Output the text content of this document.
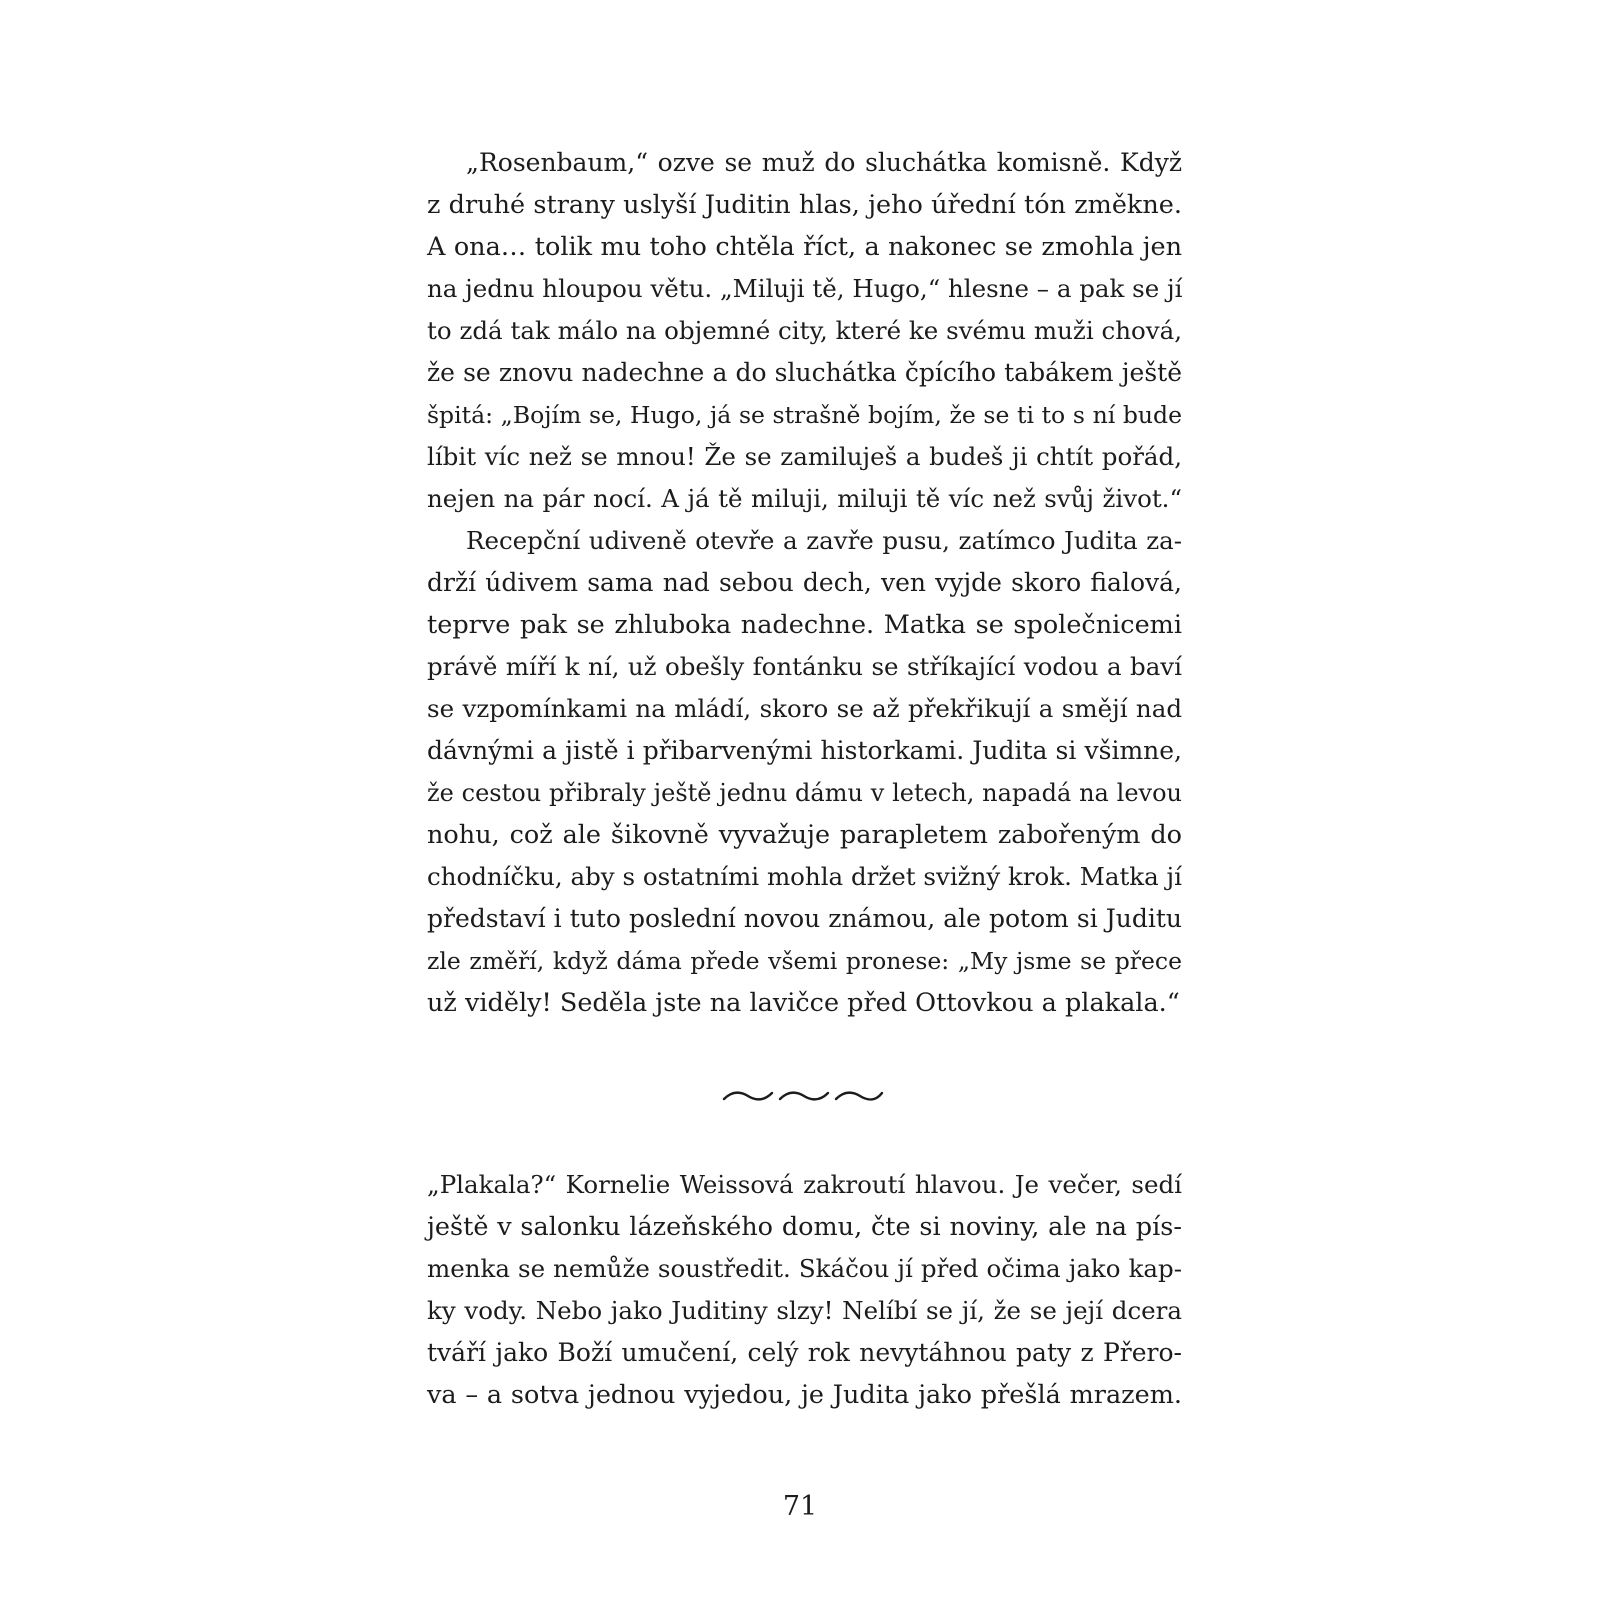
„Rosenbaum,“ ozve se muž do sluchátka komisně. Když
z druhé strany uslyší Juditin hlas, jeho úřední tón změkne.
A ona… tolik mu toho chtěla říct, a nakonec se zmohla jen
na jednu hloupou větu. „Miluji tě, Hugo,“ hlesne – a pak se jí
to zdá tak málo na objemné city, které ke svému muži chová,
že se znovu nadechne a do sluchátka čpícího tabákem ještě
špitá: „Bojím se, Hugo, já se strašně bojím, že se ti to s ní bude
líbit víc než se mnou! Že se zamiluješ a budeš ji chtít pořád,
nejen na pár nocí. A já tě miluji, miluji tě víc než svůj život.“
Recepční udiveně otevře a zavře pusu, zatímco Judita za-
drží údivem sama nad sebou dech, ven vyjde skoro fialová,
teprve pak se zhluboka nadechne. Matka se společnicemi
právě míří k ní, už obešly fontánku se stříkající vodou a baví
se vzpomínkami na mládí, skoro se až překřikují a smějí nad
dávnými a jistě i přibarvenými historkami. Judita si všimne,
že cestou přibraly ještě jednu dámu v letech, napadá na levou
nohu, což ale šikovně vyvažuje parapletem zabořeným do
chodníčku, aby s ostatními mohla držet svižný krok. Matka jí
představí i tuto poslední novou známou, ale potom si Juditu
zle změří, když dáma přede všemi pronese: „My jsme se přece
už viděly! Seděla jste na lavičce před Ottovkou a plakala.“
„Plakala?“ Kornelie Weissová zakroutí hlavou. Je večer, sedí
ještě v salonku lázeňského domu, čte si noviny, ale na pís-
menka se nemůže soustředit. Skáčou jí před očima jako kap-
ky vody. Nebo jako Juditiny slzy! Nelíbí se jí, že se její dcera
tváří jako Boží umučení, celý rok nevytáhnou paty z Přero-
va – a sotva jednou vyjedou, je Judita jako přešlá mrazem.
71
